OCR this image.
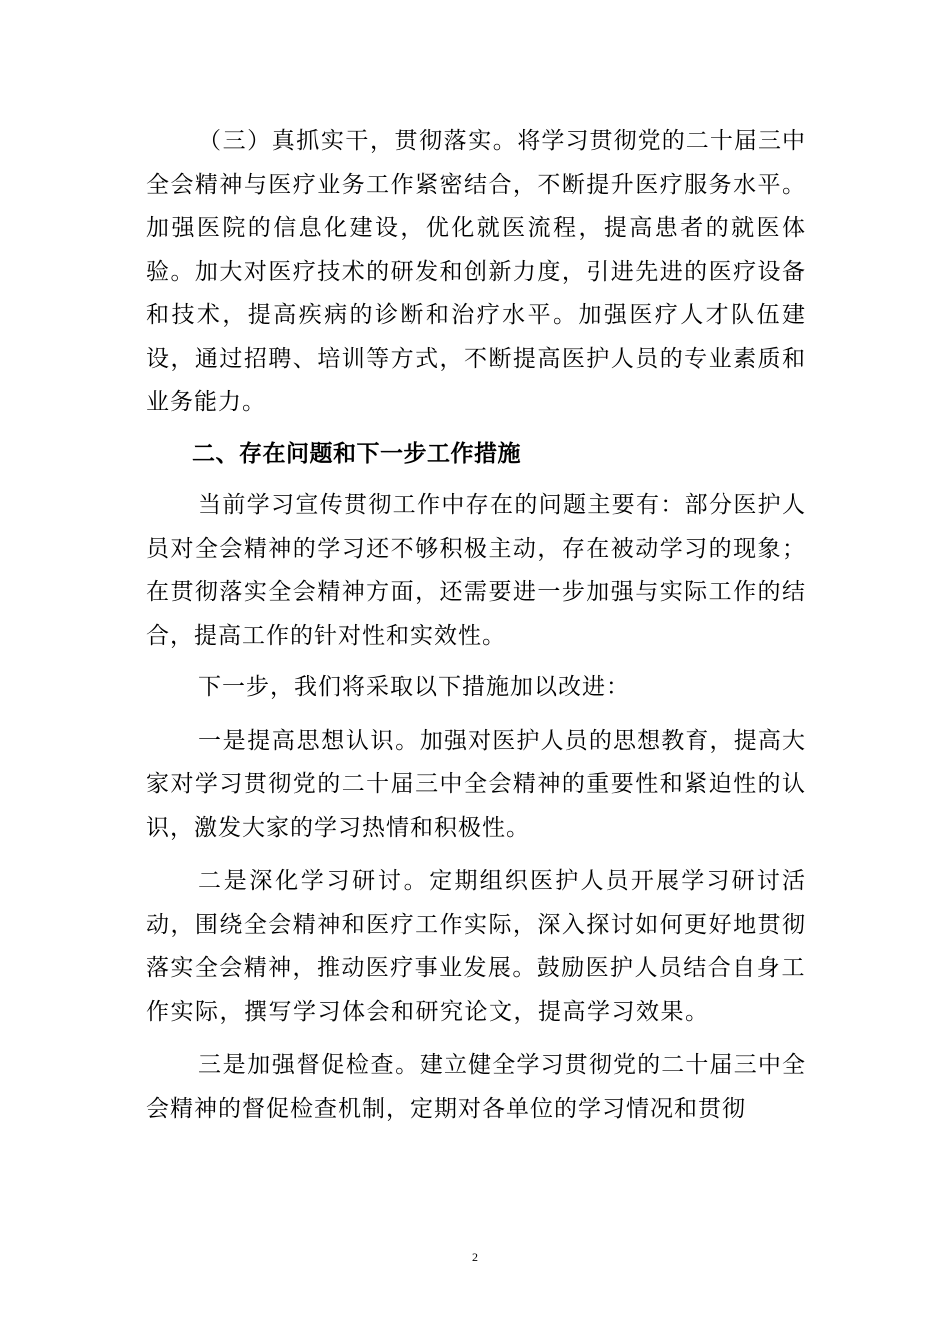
（三）真抓实干，贯彻落实。将学习贯彻党的二十届三中全会精神与医疗业务工作紧密结合，不断提升医疗服务水平。加强医院的信息化建设，优化就医流程，提高患者的就医体验。加大对医疗技术的研发和创新力度，引进先进的医疗设备和技术，提高疾病的诊断和治疗水平。加强医疗人才队伍建设，通过招聘、培训等方式，不断提高医护人员的专业素质和业务能力。

二、存在问题和下一步工作措施

当前学习宣传贯彻工作中存在的问题主要有：部分医护人员对全会精神的学习还不够积极主动，存在被动学习的现象；在贯彻落实全会精神方面，还需要进一步加强与实际工作的结合，提高工作的针对性和实效性。

下一步，我们将采取以下措施加以改进：

一是提高思想认识。加强对医护人员的思想教育，提高大家对学习贯彻党的二十届三中全会精神的重要性和紧迫性的认识，激发大家的学习热情和积极性。

二是深化学习研讨。定期组织医护人员开展学习研讨活动，围绕全会精神和医疗工作实际，深入探讨如何更好地贯彻落实全会精神，推动医疗事业发展。鼓励医护人员结合自身工作实际，撰写学习体会和研究论文，提高学习效果。

三是加强督促检查。建立健全学习贯彻党的二十届三中全会精神的督促检查机制，定期对各单位的学习情况和贯彻

2
